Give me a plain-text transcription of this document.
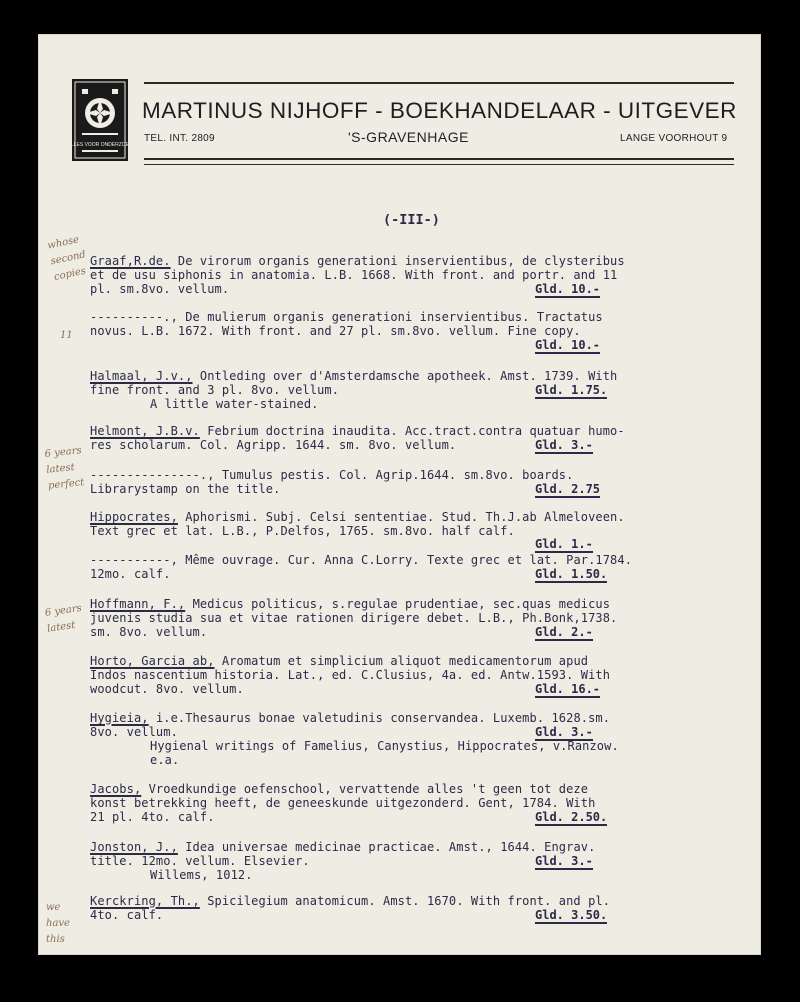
ALLES VOOR ONDERZOEK
MARTINUS NIJHOFF - BOEKHANDELAAR - UITGEVER
TEL. INT. 2809	'S-GRAVENHAGE	LANGE VOORHOUT 9
(-III-)
Graaf,R.de. De virorum organis generationi inservientibus, de clysteribus
et de usu siphonis in anatomia. L.B. 1668. With front. and portr. and 11
pl. sm.8vo. vellum.	Gld. 10.-
----------., De mulierum organis generationi inservientibus. Tractatus
novus. L.B. 1672. With front. and 27 pl. sm.8vo. vellum. Fine copy.
Gld. 10.-
Halmaal, J.v., Ontleding over d'Amsterdamsche apotheek. Amst. 1739. With
fine front. and 3 pl. 8vo. vellum.
A little water-stained.
Gld. 1.75.
Helmont, J.B.v. Febrium doctrina inaudita. Acc.tract.contra quatuar humo-
res scholarum. Col. Agripp. 1644. sm. 8vo. vellum.	Gld. 3.-
---------------., Tumulus pestis. Col. Agrip.1644. sm.8vo. boards.
Librarystamp on the title.	Gld. 2.75
Hippocrates, Aphorismi. Subj. Celsi sententiae. Stud. Th.J.ab Almeloveen.
Text grec et lat. L.B., P.Delfos, 1765. sm.8vo. half calf.
Gld. 1.-
-----------, Même ouvrage. Cur. Anna C.Lorry. Texte grec et lat. Par.1784.
12mo. calf.	Gld. 1.50.
Hoffmann, F., Medicus politicus, s.regulae prudentiae, sec.quas medicus
juvenis studia sua et vitae rationen dirigere debet. L.B., Ph.Bonk,1738.
sm. 8vo. vellum.	Gld. 2.-
Horto, Garcia ab, Aromatum et simplicium aliquot medicamentorum apud
Indos nascentium historia. Lat., ed. C.Clusius, 4a. ed. Antw.1593. With
woodcut. 8vo. vellum.	Gld. 16.-
Hygieia, i.e.Thesaurus bonae valetudinis conservandea. Luxemb. 1628.sm.
8vo. vellum.
Hygienal writings of Famelius, Canystius, Hippocrates, v.Ranzow.
e.a.
Gld. 3.-
Jacobs, Vroedkundige oefenschool, vervattende alles 't geen tot deze
konst betrekking heeft, de geneeskunde uitgezonderd. Gent, 1784. With
21 pl. 4to. calf.	Gld. 2.50.
Jonston, J., Idea universae medicinae practicae. Amst., 1644. Engrav.
title. 12mo. vellum. Elsevier.
Willems, 1012.
Gld. 3.-
Kerckring, Th., Spicilegium anatomicum. Amst. 1670. With front. and pl.
4to. calf.	Gld. 3.50.
whose
second
copies
11
6 years
latest
perfect
6 years
latest
we
have
this
